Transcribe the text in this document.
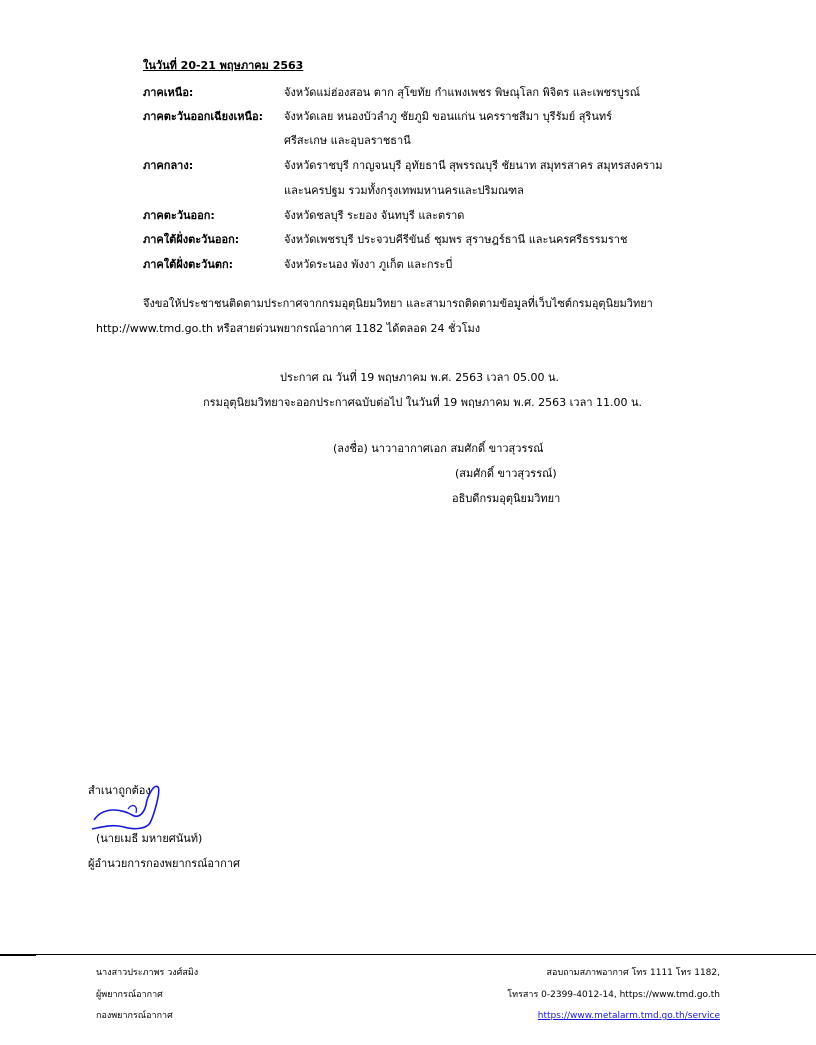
ในวันที่ 20-21 พฤษภาคม 2563
ภาคเหนือ:	จังหวัดแม่ฮ่องสอน ตาก สุโขทัย กำแพงเพชร พิษณุโลก พิจิตร และเพชรบูรณ์
ภาคตะวันออกเฉียงเหนือ: จังหวัดเลย หนองบัวลำภู ชัยภูมิ ขอนแก่น นครราชสีมา บุรีรัมย์ สุรินทร์
ศรีสะเกษ และอุบลราชธานี
ภาคกลาง:	จังหวัดราชบุรี กาญจนบุรี อุทัยธานี สุพรรณบุรี ชัยนาท สมุทรสาคร สมุทรสงคราม
และนครปฐม รวมทั้งกรุงเทพมหานครและปริมณฑล
ภาคตะวันออก:	จังหวัดชลบุรี ระยอง จันทบุรี และตราด
ภาคใต้ฝั่งตะวันออก:	จังหวัดเพชรบุรี ประจวบคีรีขันธ์ ชุมพร สุราษฎร์ธานี และนครศรีธรรมราช
ภาคใต้ฝั่งตะวันตก:	จังหวัดระนอง พังงา ภูเก็ต และกระบี่
จึงขอให้ประชาชนติดตามประกาศจากกรมอุตุนิยมวิทยา และสามารถติดตามข้อมูลที่เว็บไซต์กรมอุตุนิยมวิทยา
http://www.tmd.go.th หรือสายด่วนพยากรณ์อากาศ 1182 ได้ตลอด 24 ชั่วโมง
ประกาศ ณ วันที่ 19 พฤษภาคม พ.ศ. 2563 เวลา 05.00 น.
กรมอุตุนิยมวิทยาจะออกประกาศฉบับต่อไป ในวันที่ 19 พฤษภาคม พ.ศ. 2563 เวลา 11.00 น.
(ลงชื่อ) นาวาอากาศเอก สมศักดิ์ ขาวสุวรรณ์
(สมศักดิ์ ขาวสุวรรณ์)
อธิบดีกรมอุตุนิยมวิทยา
สำเนาถูกต้อง
(นายเมธี มหายศนันท์)
ผู้อำนวยการกองพยากรณ์อากาศ
นางสาวประภาพร วงศ์สมิง
ผู้พยากรณ์อากาศ
กองพยากรณ์อากาศ
สอบถามสภาพอากาศ โทร 1111 โทร 1182,
โทรสาร 0-2399-4012-14, https://www.tmd.go.th
https://www.metalarm.tmd.go.th/service
